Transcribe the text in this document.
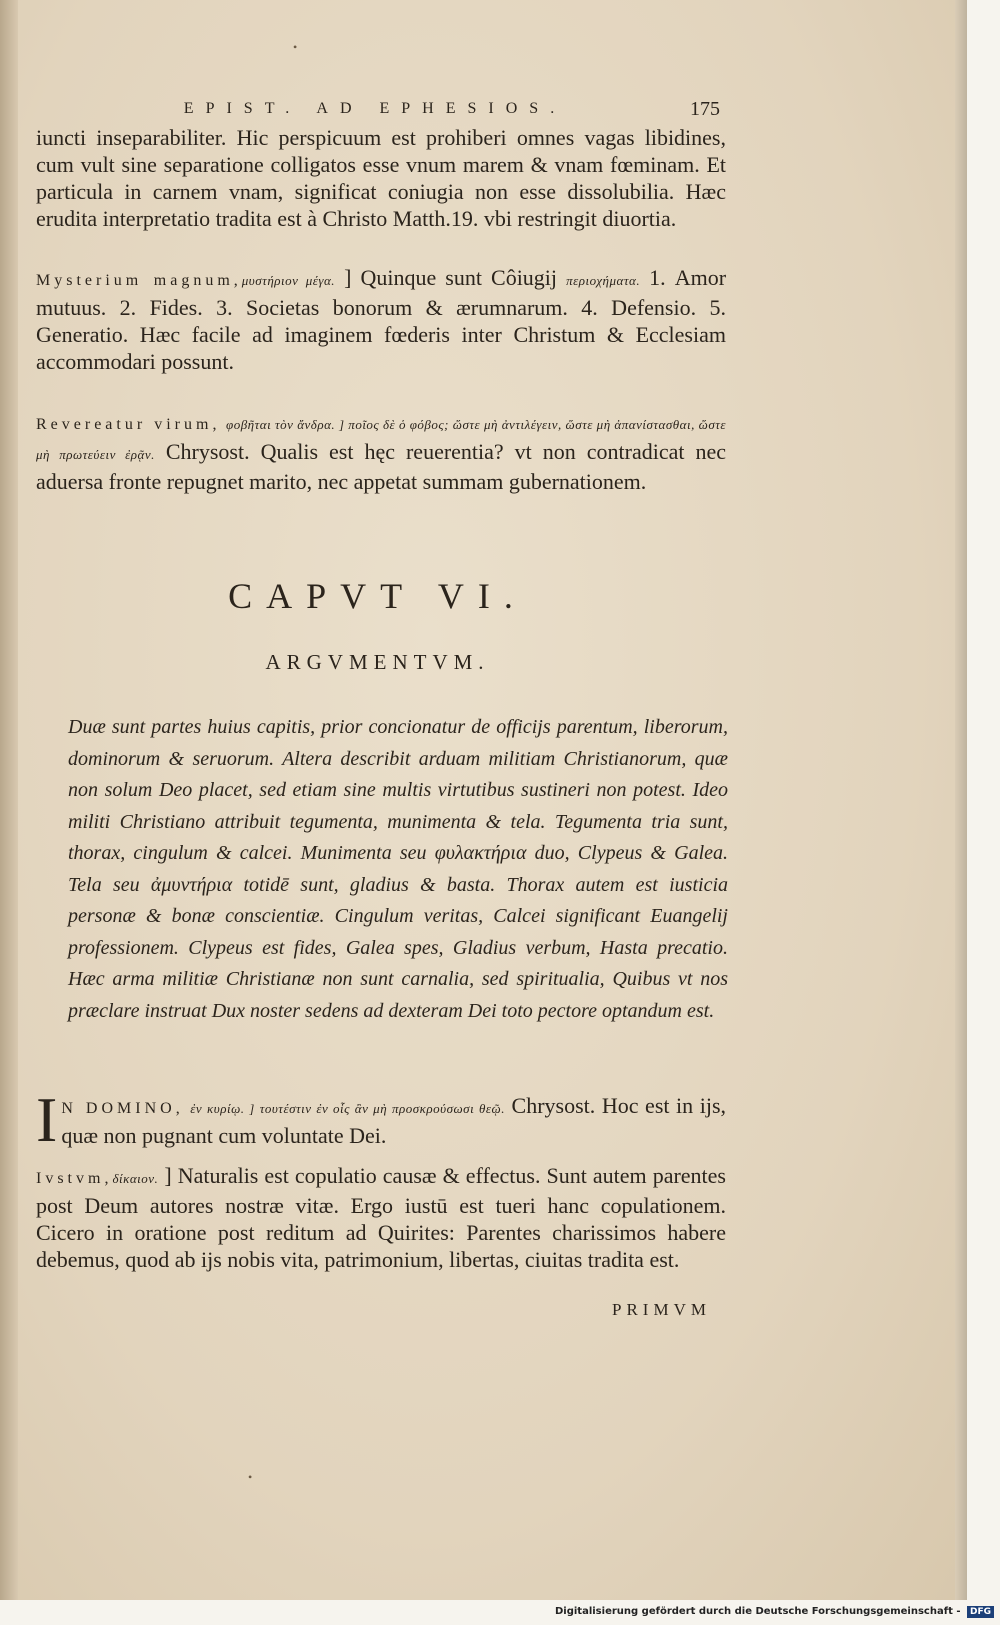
EPIST. AD EPHESIOS.	175
iuncti inseparabiliter. Hic perspicuum est prohiberi omnes vagas libidines, cum vult sine separatione colligatos esse vnum marem & vnam fœminam. Et particula in carnem vnam, significat coniugia non esse dissolubilia. Hæc erudita interpretatio tradita est à Christo Matth.19. vbi restringit diuortia.
Mysterium magnum,μυστήριον μέγα. ] Quinque sunt Côiugij περιοχήματα. 1. Amor mutuus. 2. Fides. 3. Societas bonorum & ærumnarum. 4. Defensio. 5. Generatio. Hæc facile ad imaginem fœderis inter Christum & Ecclesiam accommodari possunt.
Revereatur virum, φοβῆται τὸν ἄνδρα. ] ποῖος δὲ ὁ φόβος; ὥστε μὴ ἀντιλέγειν, ὥστε μὴ ἀπανίστασθαι, ὥστε μὴ πρωτεύειν ἐρᾷν. Chrysost. Qualis est hęc reuerentia? vt non contradicat nec aduersa fronte repugnet marito, nec appetat summam gubernationem.
CAPVT VI.
ARGVMENTVM.
Duæ sunt partes huius capitis, prior concionatur de officijs parentum, liberorum, dominorum & seruorum. Altera describit arduam militiam Christianorum, quæ non solum Deo placet, sed etiam sine multis virtutibus sustineri non potest. Ideo militi Christiano attribuit tegumenta, munimenta & tela. Tegumenta tria sunt, thorax, cingulum & calcei. Munimenta seu φυλακτήρια duo, Clypeus & Galea. Tela seu ἀμυντήρια totidē sunt, gladius & basta. Thorax autem est iusticia personæ & bonæ conscientiæ. Cingulum veritas, Calcei significant Euangelij professionem. Clypeus est fides, Galea spes, Gladius verbum, Hasta precatio. Hæc arma militiæ Christianæ non sunt carnalia, sed spiritualia, Quibus vt nos præclare instruat Dux noster sedens ad dexteram Dei toto pectore optandum est.
I N DOMINO, ἐν κυρίῳ. ] τουτέστιν ἐν οἷς ἂν μὴ προσκρούσωσι θεῷ. Chrysost. Hoc est in ijs, quæ non pugnant cum voluntate Dei.
Ivstvm,δίκαιον. ] Naturalis est copulatio causæ & effectus. Sunt autem parentes post Deum autores nostræ vitæ. Ergo iustū est tueri hanc copulationem. Cicero in oratione post reditum ad Quirites: Parentes charissimos habere debemus, quod ab ijs nobis vita, patrimonium, libertas, ciuitas tradita est.
PRIMVM
•
•
Digitalisierung gefördert durch die Deutsche Forschungsgemeinschaft - DFG
